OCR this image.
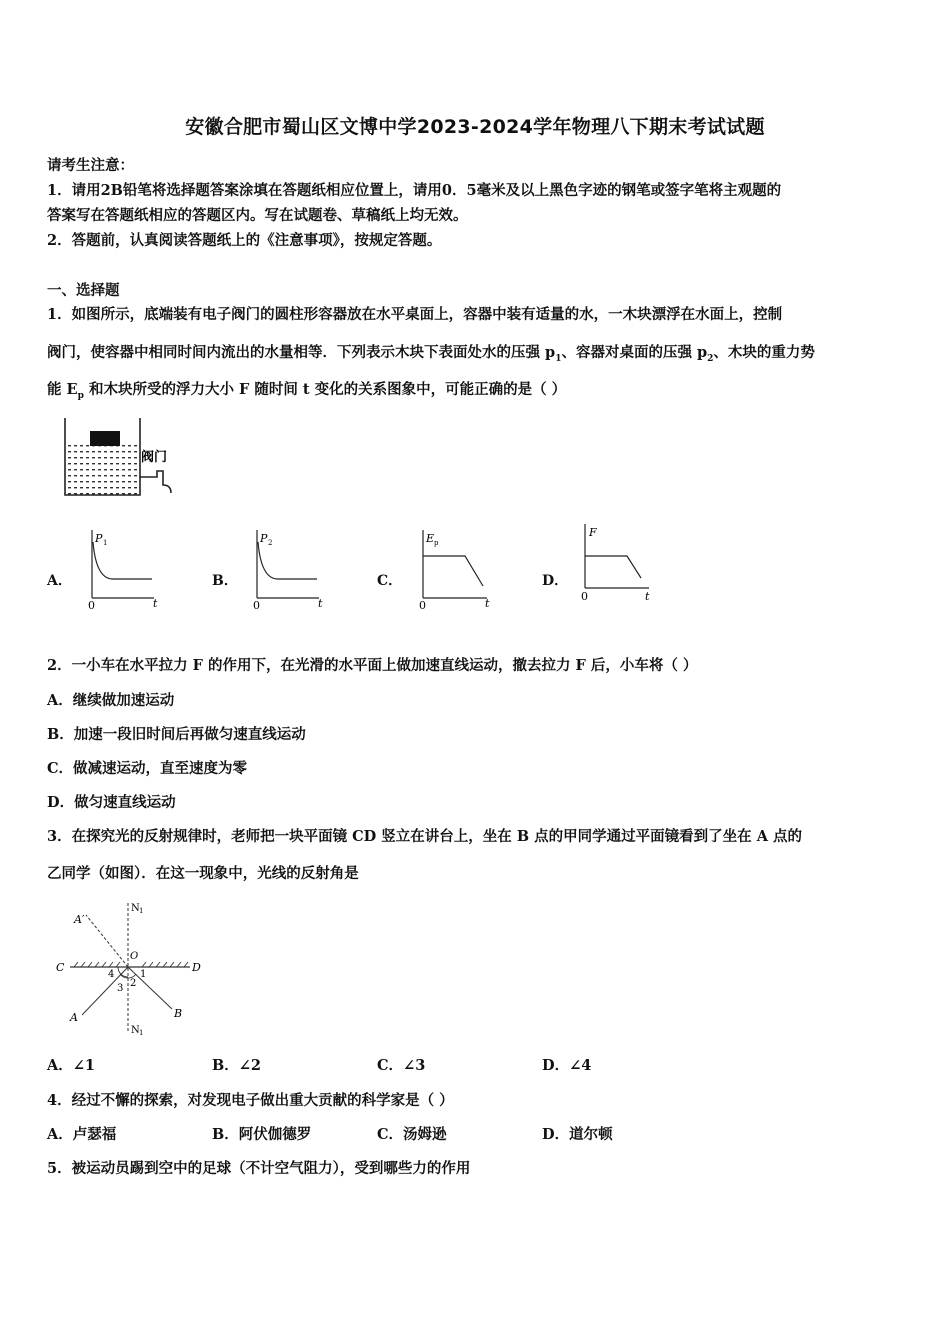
安徽合肥市蜀山区文博中学2023-2024学年物理八下期末考试试题
请考生注意：
1．请用2B铅笔将选择题答案涂填在答题纸相应位置上，请用0．5毫米及以上黑色字迹的钢笔或签字笔将主观题的
答案写在答题纸相应的答题区内。写在试题卷、草稿纸上均无效。
2．答题前，认真阅读答题纸上的《注意事项》，按规定答题。
一、选择题
1．如图所示，底端装有电子阀门的圆柱形容器放在水平桌面上，容器中装有适量的水，一木块漂浮在水面上，控制
阀门，使容器中相同时间内流出的水量相等．下列表示木块下表面处水的压强 $p_1$、容器对桌面的压强 $p_2$、木块的重力势
能 $E_p$ 和木块所受的浮力大小 F 随时间 t 变化的关系图象中，可能正确的是（ ）
阀门
A．
P 1
0	t
B．
P 2
0	t
C．
E p
0	t
D．
F
0	t
2．一小车在水平拉力 F 的作用下，在光滑的水平面上做加速直线运动，撤去拉力 F 后，小车将（ ）
A．继续做加速运动
B．加速一段旧时间后再做匀速直线运动
C．做减速运动，直至速度为零
D．做匀速直线运动
3．在探究光的反射规律时，老师把一块平面镜 CD 竖立在讲台上，坐在 B 点的甲同学通过平面镜看到了坐在 A 点的
乙同学（如图）．在这一现象中，光线的反射角是
A′
N 1
N 1
O
C	D
A	B
1
2
3
4
A．∠1	B．∠2	C．∠3	D．∠4
4．经过不懈的探索，对发现电子做出重大贡献的科学家是（ ）
A．卢瑟福	B．阿伏伽德罗	C．汤姆逊	D．道尔顿
5．被运动员踢到空中的足球（不计空气阻力），受到哪些力的作用
